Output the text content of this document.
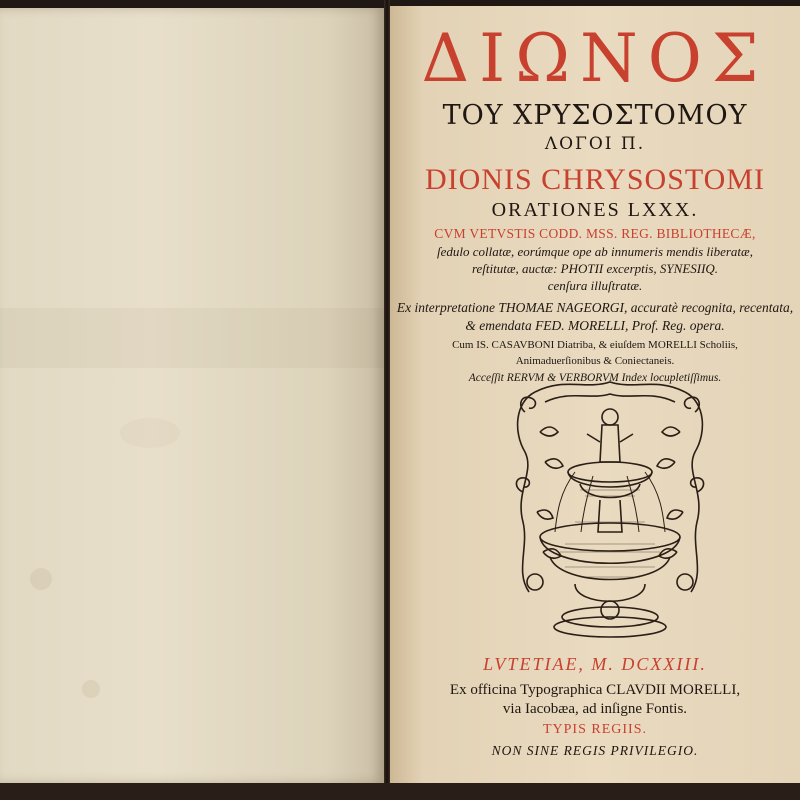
ΔΙΩΝΟΣ
ΤΟΥ ΧΡΥΣΟΣΤΟΜΟΥ
ΛΟΓΟΙ Π.
DIONIS CHRYSOSTOMI
ORATIONES LXXX.
CVM VETVSTIS CODD. MSS. REG. BIBLIOTHECÆ,
ſedulo collatæ, eorúmque ope ab innumeris mendis liberatæ,
reſtitutæ, auctæ: PHOTII excerptis, SYNESIIQ.
cenſura illuſtratæ.
Ex interpretatione THOMAE NAGEORGI, accuratè recognita, recentata,
& emendata FED. MORELLI, Prof. Reg. opera.
Cum IS. CASAVBONI Diatriba, & eiuſdem MORELLI Scholiis,
Animaduerſionibus & Coniectaneis.
Acceſſit RERVM & VERBORVM Index locupletiſſimus.
LVTETIAE, M. DCXXIII.
Ex officina Typographica CLAVDII MORELLI,
via Iacobæa, ad inſigne Fontis.
TYPIS REGIIS.
NON SINE REGIS PRIVILEGIO.
